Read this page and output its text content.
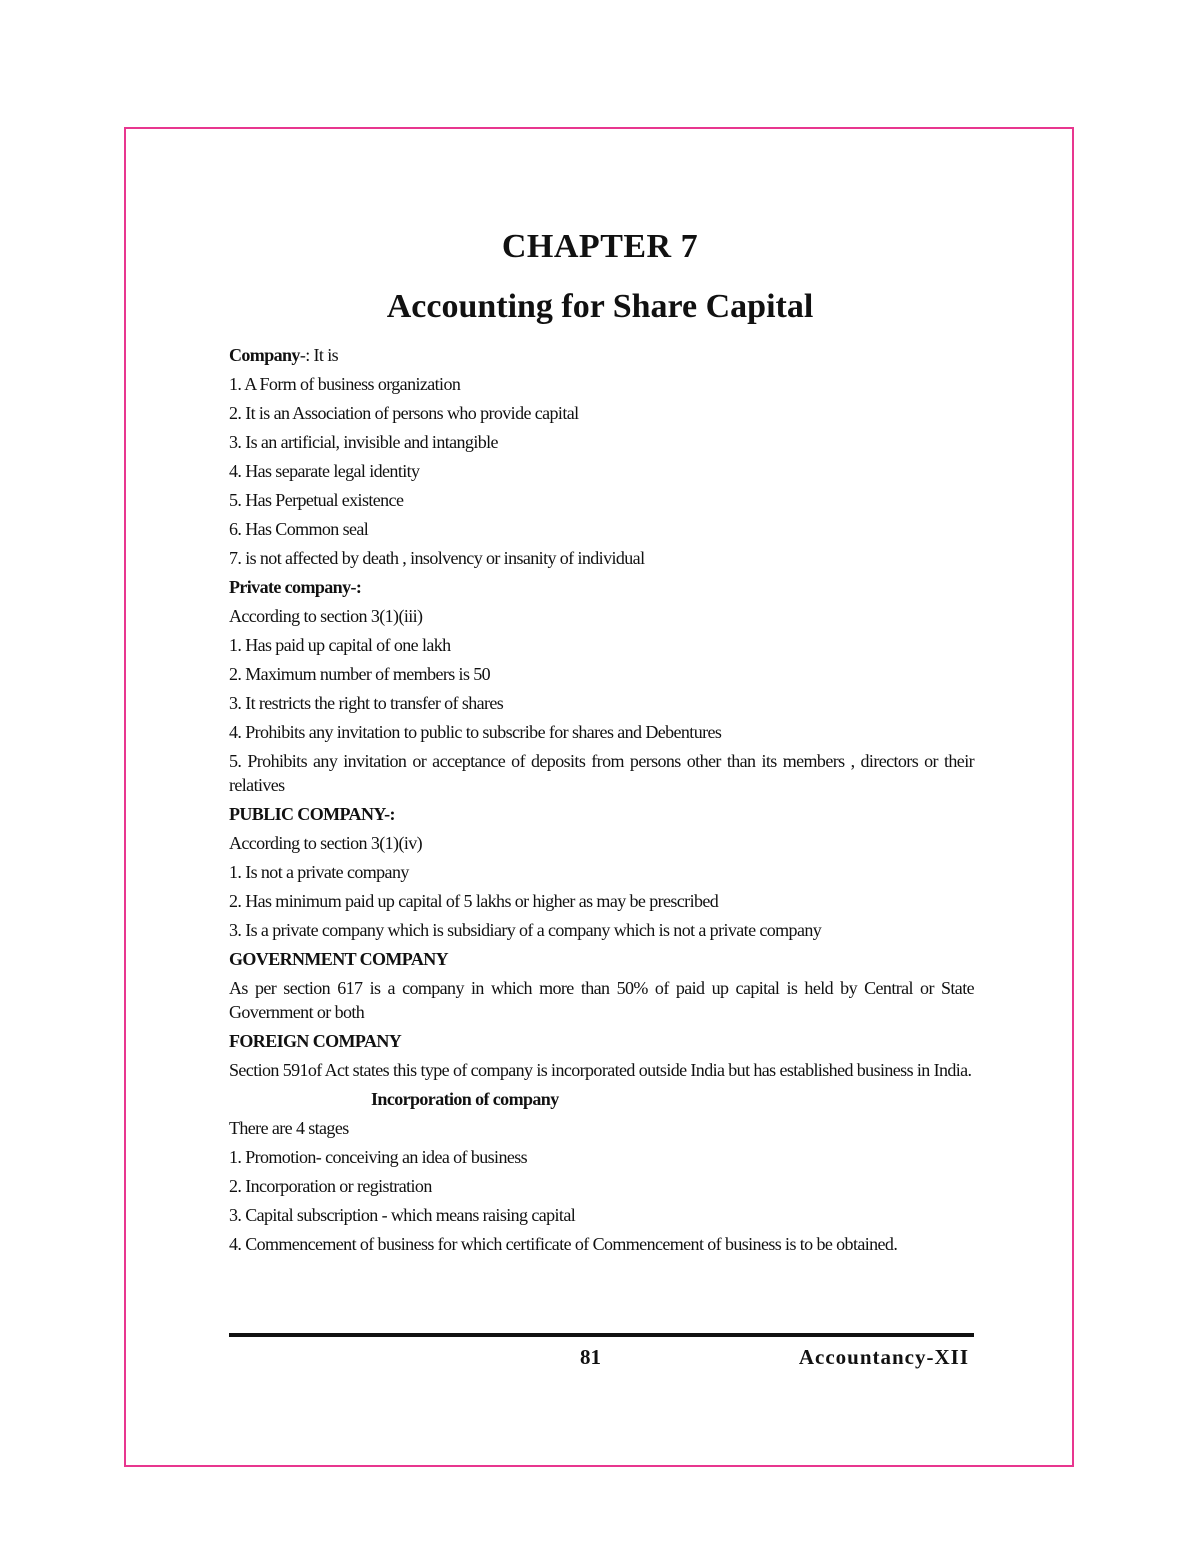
CHAPTER 7
Accounting for Share Capital
Company-: It is
1. A Form of business organization
2. It is an Association of persons who provide capital
3. Is an artificial, invisible and intangible
4. Has separate legal identity
5. Has Perpetual existence
6. Has Common seal
7. is not affected by death , insolvency or insanity of individual
Private company-:
According to section 3(1)(iii)
1. Has paid up capital of one lakh
2. Maximum number of members is 50
3. It restricts the right to transfer of shares
4. Prohibits any invitation to public to subscribe for shares and Debentures
5. Prohibits any invitation or acceptance of deposits from persons other than its members , directors or their relatives
PUBLIC COMPANY-:
According to section 3(1)(iv)
1. Is not a private company
2. Has minimum paid up capital of 5 lakhs or higher as may be prescribed
3. Is a private company which is subsidiary of a company which is not a private company
GOVERNMENT COMPANY
As per section 617 is a company in which more than 50% of paid up capital is held by Central or State Government or both
FOREIGN COMPANY
Section 591of Act states this type of company is incorporated outside India but has established business in India.
Incorporation of company
There are 4 stages
1. Promotion- conceiving an idea of business
2. Incorporation or registration
3. Capital subscription - which means raising capital
4. Commencement of business for which certificate of Commencement of business is to be obtained.
81	Accountancy-XII
